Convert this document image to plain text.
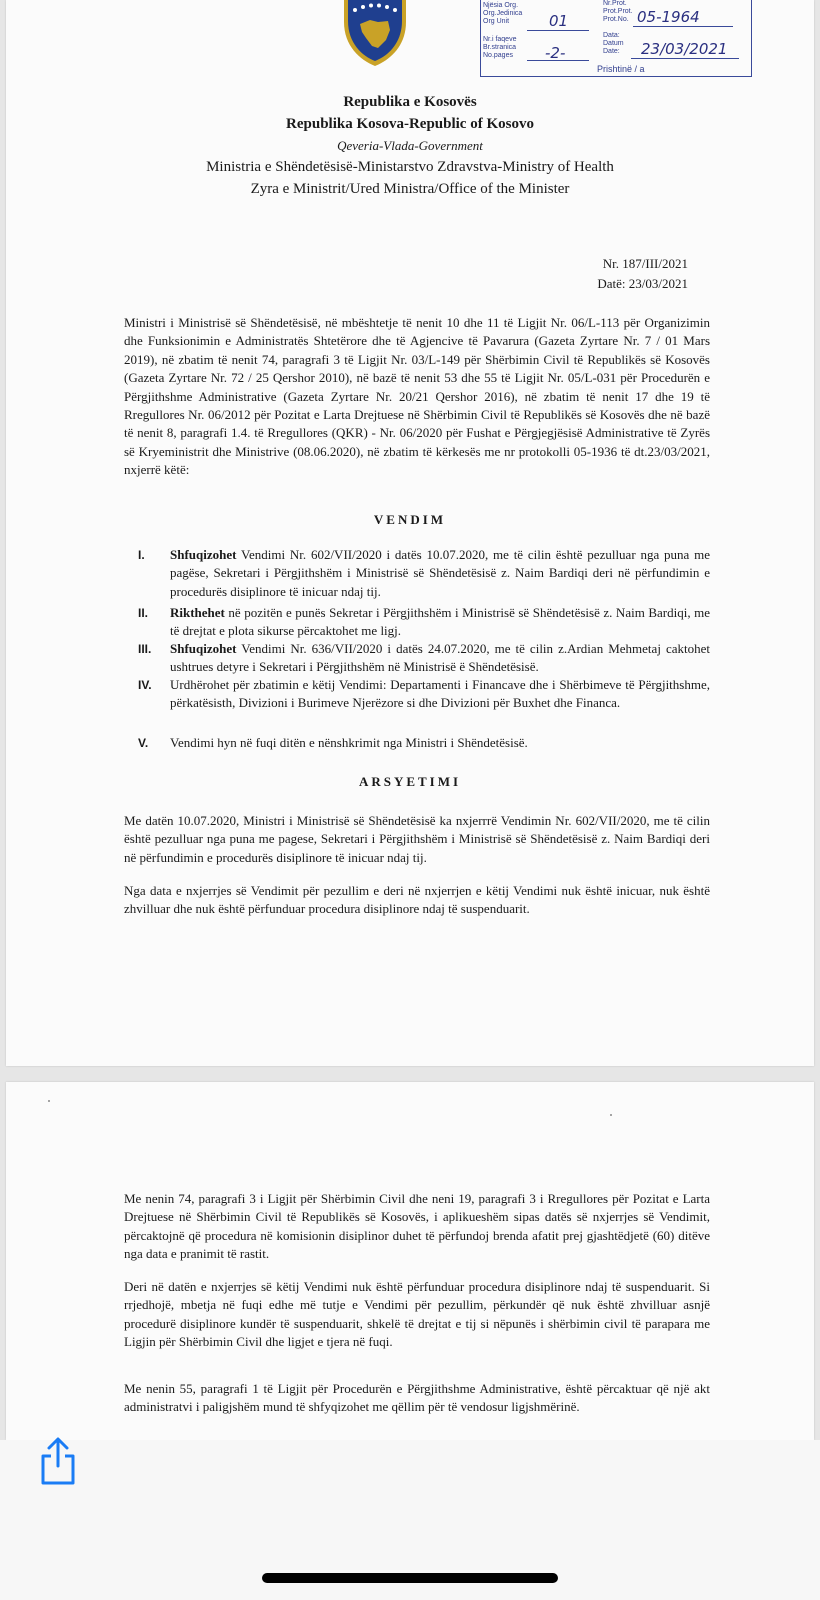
Njësia Org.
Org.Jedinica
Org Unit
Nr.i faqeve
Br.stranica
No.pages
Nr.Prot.
Prot.Prot.
Prot.No.
Data:
Datum
Date:
01
-2-
05-1964
23/03/2021
Prishtinë / a
Republika e Kosovës
Republika Kosova-Republic of Kosovo
Qeveria-Vlada-Government
Ministria e Shëndetësisë-Ministarstvo Zdravstva-Ministry of Health
Zyra e Ministrit/Ured Ministra/Office of the Minister
Nr. 187/III/2021
Datë: 23/03/2021

Ministri i Ministrisë së Shëndetësisë, në mbështetje të nenit 10 dhe 11 të Ligjit Nr. 06/L-113 për Organizimin dhe Funksionimin e Administratës Shtetërore dhe të Agjencive të Pavarura (Gazeta Zyrtare Nr. 7 / 01 Mars 2019), në zbatim të nenit 74, paragrafi 3 të Ligjit Nr. 03/L-149 për Shërbimin Civil të Republikës së Kosovës (Gazeta Zyrtare Nr. 72 / 25 Qershor 2010), në bazë të nenit 53 dhe 55 të Ligjit Nr. 05/L-031 për Procedurën e Përgjithshme Administrative (Gazeta Zyrtare Nr. 20/21 Qershor 2016), në zbatim të nenit 17 dhe 19 të Rregullores Nr. 06/2012 për Pozitat e Larta Drejtuese në Shërbimin Civil të Republikës së Kosovës dhe në bazë të nenit 8, paragrafi 1.4. të Rregullores (QKR) - Nr. 06/2020 për Fushat e Përgjegjësisë Administrative të Zyrës së Kryeministrit dhe Ministrive (08.06.2020), në zbatim të kërkesës me nr protokolli 05-1936 të dt.23/03/2021, nxjerrë këtë:

VENDIM
I. Shfuqizohet Vendimi Nr. 602/VII/2020 i datës 10.07.2020, me të cilin është pezulluar nga puna me pagëse, Sekretari i Përgjithshëm i Ministrisë së Shëndetësisë z. Naim Bardiqi deri në përfundimin e procedurës disiplinore të inicuar ndaj tij.
II. Rikthehet në pozitën e punës Sekretar i Përgjithshëm i Ministrisë së Shëndetësisë z. Naim Bardiqi, me të drejtat e plota sikurse përcaktohet me ligj.
III. Shfuqizohet Vendimi Nr. 636/VII/2020 i datës 24.07.2020, me të cilin z.Ardian Mehmetaj caktohet ushtrues detyre i Sekretari i Përgjithshëm në Ministrisë ë Shëndetësisë.
IV. Urdhërohet për zbatimin e këtij Vendimi: Departamenti i Financave dhe i Shërbimeve të Përgjithshme, përkatësisth, Divizioni i Burimeve Njerëzore si dhe Divizioni për Buxhet dhe Financa.
V. Vendimi hyn në fuqi ditën e nënshkrimit nga Ministri i Shëndetësisë.
ARSYETIMI

Me datën 10.07.2020, Ministri i Ministrisë së Shëndetësisë ka nxjerrrë Vendimin Nr. 602/VII/2020, me të cilin është pezulluar nga puna me pagese, Sekretari i Përgjithshëm i Ministrisë së Shëndetësisë z. Naim Bardiqi deri në përfundimin e procedurës disiplinore të inicuar ndaj tij.

Nga data e nxjerrjes së Vendimit për pezullim e deri në nxjerrjen e këtij Vendimi nuk është inicuar, nuk është zhvilluar dhe nuk është përfunduar procedura disiplinore ndaj të suspenduarit.

Me nenin 74, paragrafi 3 i Ligjit për Shërbimin Civil dhe neni 19, paragrafi 3 i Rregullores për Pozitat e Larta Drejtuese në Shërbimin Civil të Republikës së Kosovës, i aplikueshëm sipas datës së nxjerrjes së Vendimit, përcaktojnë që procedura në komisionin disiplinor duhet të përfundoj brenda afatit prej gjashtëdjetë (60) ditëve nga data e pranimit të rastit.

Deri në datën e nxjerrjes së këtij Vendimi nuk është përfunduar procedura disiplinore ndaj të suspenduarit. Si rrjedhojë, mbetja në fuqi edhe më tutje e Vendimi për pezullim, përkundër që nuk është zhvilluar asnjë procedurë disiplinore kundër të suspenduarit, shkelë të drejtat e tij si nëpunës i shërbimin civil të parapara me Ligjin për Shërbimin Civil dhe ligjet e tjera në fuqi.

Me nenin 55, paragrafi 1 të Ligjit për Procedurën e Përgjithshme Administrative, është përcaktuar që një akt administratvi i paligjshëm mund të shfyqizohet me qëllim për të vendosur ligjshmërinë.
